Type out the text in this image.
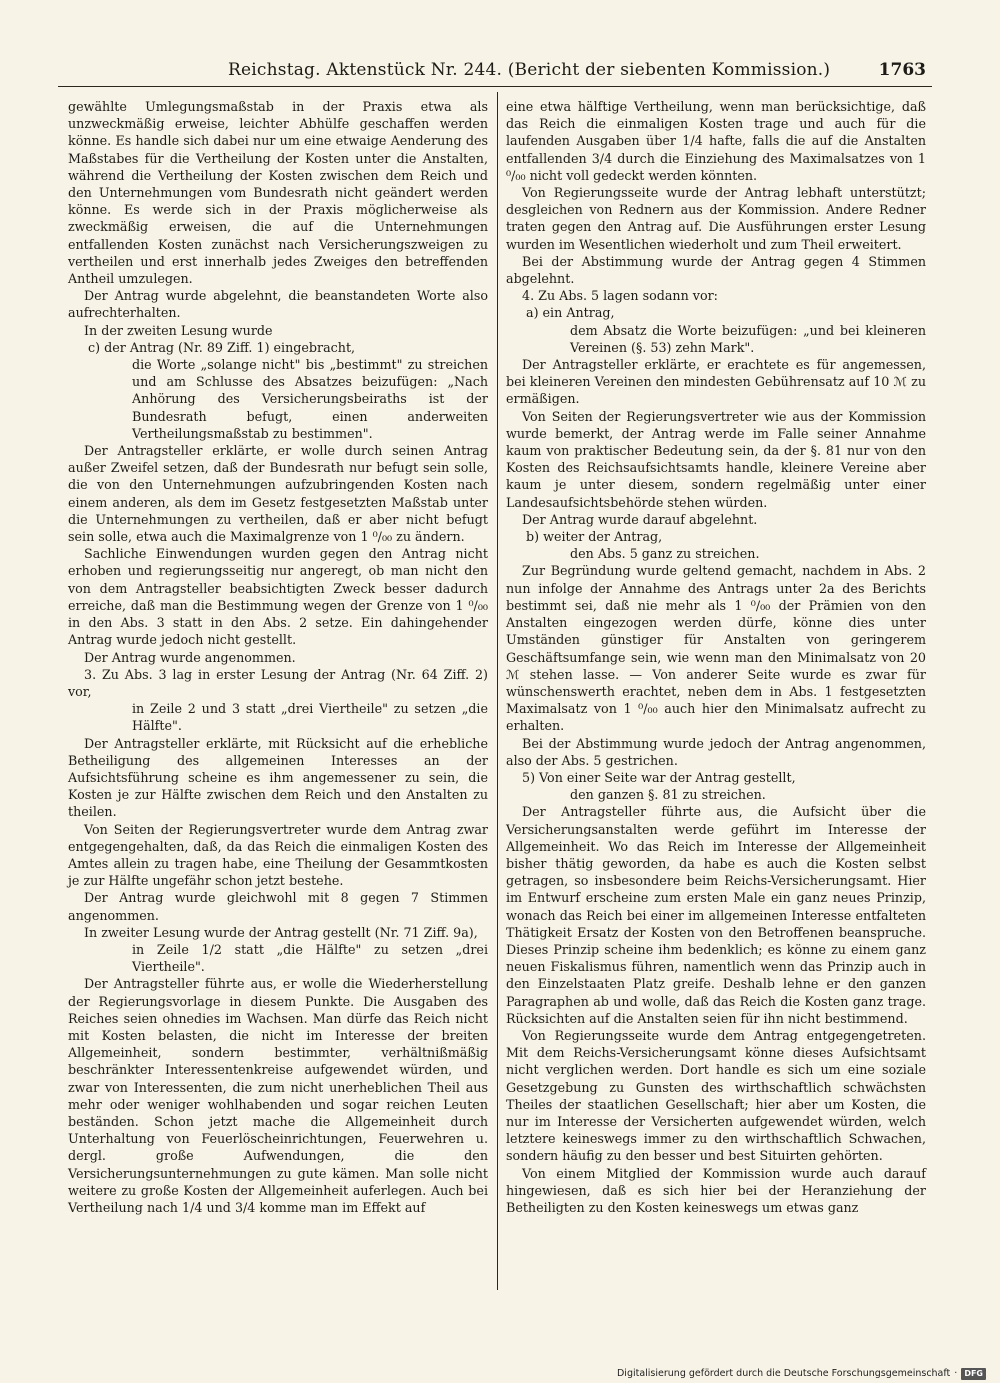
Reichstag. Aktenstück Nr. 244. (Bericht der siebenten Kommission.)	1763

gewählte Umlegungsmaßstab in der Praxis etwa als unzweckmäßig erweise, leichter Abhülfe geschaffen werden könne. Es handle sich dabei nur um eine etwaige Aenderung des Maßstabes für die Vertheilung der Kosten unter die Anstalten, während die Vertheilung der Kosten zwischen dem Reich und den Unternehmungen vom Bundesrath nicht geändert werden könne. Es werde sich in der Praxis möglicherweise als zweckmäßig erweisen, die auf die Unternehmungen entfallenden Kosten zunächst nach Versicherungszweigen zu vertheilen und erst innerhalb jedes Zweiges den betreffenden Antheil umzulegen.

Der Antrag wurde abgelehnt, die beanstandeten Worte also aufrechterhalten.

In der zweiten Lesung wurde

c) der Antrag (Nr. 89 Ziff. 1) eingebracht,

die Worte „solange nicht" bis „bestimmt" zu streichen und am Schlusse des Absatzes beizufügen: „Nach Anhörung des Versicherungsbeiraths ist der Bundesrath befugt, einen anderweiten Vertheilungsmaßstab zu bestimmen".

Der Antragsteller erklärte, er wolle durch seinen Antrag außer Zweifel setzen, daß der Bundesrath nur befugt sein solle, die von den Unternehmungen aufzubringenden Kosten nach einem anderen, als dem im Gesetz festgesetzten Maßstab unter die Unternehmungen zu vertheilen, daß er aber nicht befugt sein solle, etwa auch die Maximalgrenze von 1 ⁰/₀₀ zu ändern.

Sachliche Einwendungen wurden gegen den Antrag nicht erhoben und regierungsseitig nur angeregt, ob man nicht den von dem Antragsteller beabsichtigten Zweck besser dadurch erreiche, daß man die Bestimmung wegen der Grenze von 1 ⁰/₀₀ in den Abs. 3 statt in den Abs. 2 setze. Ein dahingehender Antrag wurde jedoch nicht gestellt.

Der Antrag wurde angenommen.

3. Zu Abs. 3 lag in erster Lesung der Antrag (Nr. 64 Ziff. 2) vor,

in Zeile 2 und 3 statt „drei Viertheile" zu setzen „die Hälfte".

Der Antragsteller erklärte, mit Rücksicht auf die erhebliche Betheiligung des allgemeinen Interesses an der Aufsichtsführung scheine es ihm angemessener zu sein, die Kosten je zur Hälfte zwischen dem Reich und den Anstalten zu theilen.

Von Seiten der Regierungsvertreter wurde dem Antrag zwar entgegengehalten, daß, da das Reich die einmaligen Kosten des Amtes allein zu tragen habe, eine Theilung der Gesammtkosten je zur Hälfte ungefähr schon jetzt bestehe.

Der Antrag wurde gleichwohl mit 8 gegen 7 Stimmen angenommen.

In zweiter Lesung wurde der Antrag gestellt (Nr. 71 Ziff. 9a),

in Zeile 1/2 statt „die Hälfte" zu setzen „drei Viertheile".

Der Antragsteller führte aus, er wolle die Wiederherstellung der Regierungsvorlage in diesem Punkte. Die Ausgaben des Reiches seien ohnedies im Wachsen. Man dürfe das Reich nicht mit Kosten belasten, die nicht im Interesse der breiten Allgemeinheit, sondern bestimmter, verhältnißmäßig beschränkter Interessentenkreise aufgewendet würden, und zwar von Interessenten, die zum nicht unerheblichen Theil aus mehr oder weniger wohlhabenden und sogar reichen Leuten beständen. Schon jetzt mache die Allgemeinheit durch Unterhaltung von Feuerlöscheinrichtungen, Feuerwehren u. dergl. große Aufwendungen, die den Versicherungsunternehmungen zu gute kämen. Man solle nicht weitere zu große Kosten der Allgemeinheit auferlegen. Auch bei Vertheilung nach 1/4 und 3/4 komme man im Effekt auf

eine etwa hälftige Vertheilung, wenn man berücksichtige, daß das Reich die einmaligen Kosten trage und auch für die laufenden Ausgaben über 1/4 hafte, falls die auf die Anstalten entfallenden 3/4 durch die Einziehung des Maximalsatzes von 1 ⁰/₀₀ nicht voll gedeckt werden könnten.

Von Regierungsseite wurde der Antrag lebhaft unterstützt; desgleichen von Rednern aus der Kommission. Andere Redner traten gegen den Antrag auf. Die Ausführungen erster Lesung wurden im Wesentlichen wiederholt und zum Theil erweitert.

Bei der Abstimmung wurde der Antrag gegen 4 Stimmen abgelehnt.

4. Zu Abs. 5 lagen sodann vor:

a) ein Antrag,

dem Absatz die Worte beizufügen: „und bei kleineren Vereinen (§. 53) zehn Mark".

Der Antragsteller erklärte, er erachtete es für angemessen, bei kleineren Vereinen den mindesten Gebührensatz auf 10 ℳ zu ermäßigen.

Von Seiten der Regierungsvertreter wie aus der Kommission wurde bemerkt, der Antrag werde im Falle seiner Annahme kaum von praktischer Bedeutung sein, da der §. 81 nur von den Kosten des Reichsaufsichtsamts handle, kleinere Vereine aber kaum je unter diesem, sondern regelmäßig unter einer Landesaufsichtsbehörde stehen würden.

Der Antrag wurde darauf abgelehnt.

b) weiter der Antrag,

den Abs. 5 ganz zu streichen.

Zur Begründung wurde geltend gemacht, nachdem in Abs. 2 nun infolge der Annahme des Antrags unter 2a des Berichts bestimmt sei, daß nie mehr als 1 ⁰/₀₀ der Prämien von den Anstalten eingezogen werden dürfe, könne dies unter Umständen günstiger für Anstalten von geringerem Geschäftsumfange sein, wie wenn man den Minimalsatz von 20 ℳ stehen lasse. — Von anderer Seite wurde es zwar für wünschenswerth erachtet, neben dem in Abs. 1 festgesetzten Maximalsatz von 1 ⁰/₀₀ auch hier den Minimalsatz aufrecht zu erhalten.

Bei der Abstimmung wurde jedoch der Antrag angenommen, also der Abs. 5 gestrichen.

5) Von einer Seite war der Antrag gestellt,

den ganzen §. 81 zu streichen.

Der Antragsteller führte aus, die Aufsicht über die Versicherungsanstalten werde geführt im Interesse der Allgemeinheit. Wo das Reich im Interesse der Allgemeinheit bisher thätig geworden, da habe es auch die Kosten selbst getragen, so insbesondere beim Reichs-Versicherungsamt. Hier im Entwurf erscheine zum ersten Male ein ganz neues Prinzip, wonach das Reich bei einer im allgemeinen Interesse entfalteten Thätigkeit Ersatz der Kosten von den Betroffenen beanspruche. Dieses Prinzip scheine ihm bedenklich; es könne zu einem ganz neuen Fiskalismus führen, namentlich wenn das Prinzip auch in den Einzelstaaten Platz greife. Deshalb lehne er den ganzen Paragraphen ab und wolle, daß das Reich die Kosten ganz trage. Rücksichten auf die Anstalten seien für ihn nicht bestimmend.

Von Regierungsseite wurde dem Antrag entgegengetreten. Mit dem Reichs-Versicherungsamt könne dieses Aufsichtsamt nicht verglichen werden. Dort handle es sich um eine soziale Gesetzgebung zu Gunsten des wirthschaftlich schwächsten Theiles der staatlichen Gesellschaft; hier aber um Kosten, die nur im Interesse der Versicherten aufgewendet würden, welch letztere keineswegs immer zu den wirthschaftlich Schwachen, sondern häufig zu den besser und best Situirten gehörten.

Von einem Mitglied der Kommission wurde auch darauf hingewiesen, daß es sich hier bei der Heranziehung der Betheiligten zu den Kosten keineswegs um etwas ganz

Digitalisierung gefördert durch die Deutsche Forschungsgemeinschaft · DFG
